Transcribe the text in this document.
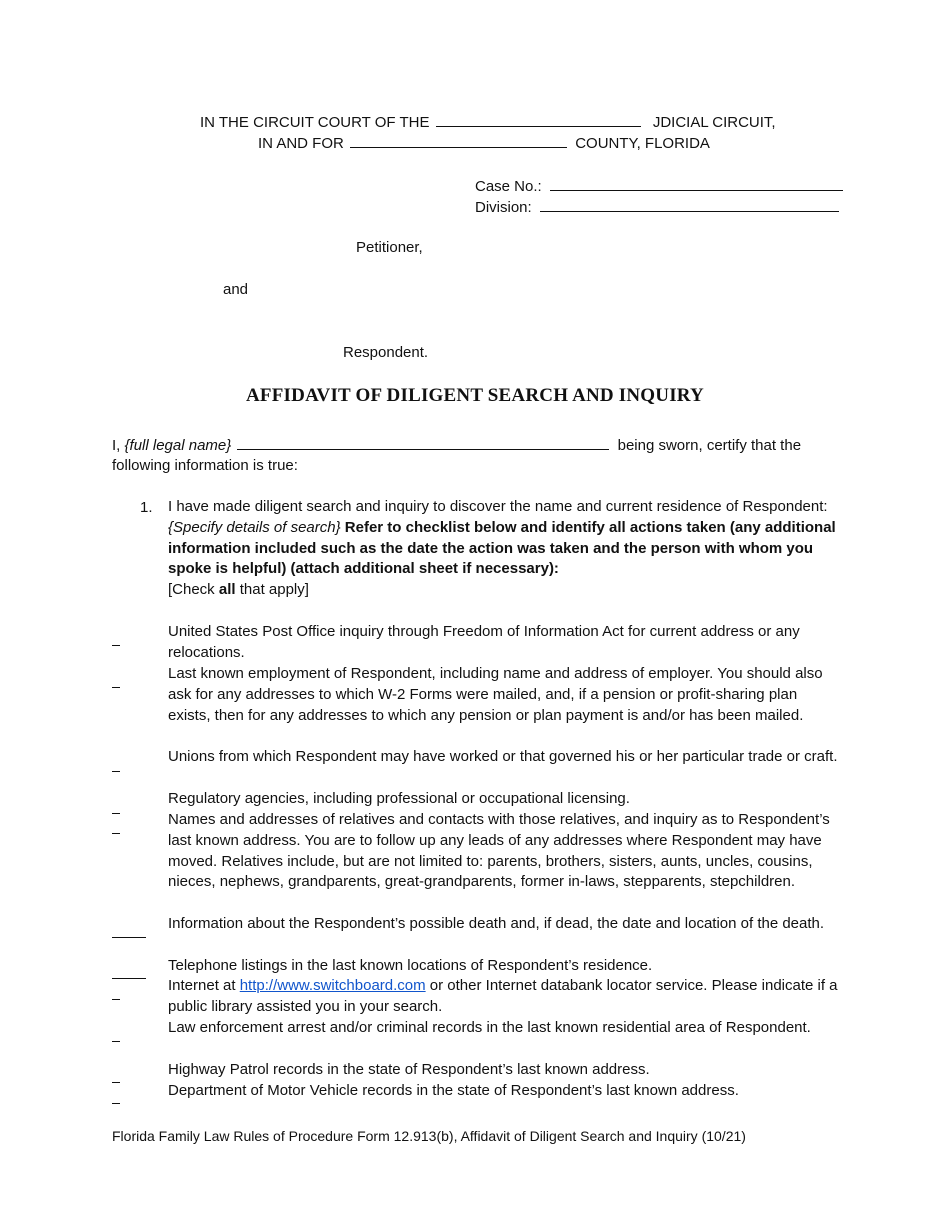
IN THE CIRCUIT COURT OF THE	JDICIAL CIRCUIT,
IN AND FOR	COUNTY, FLORIDA
Case No.:
Division:
Petitioner,
and
Respondent.
AFFIDAVIT OF DILIGENT SEARCH AND INQUIRY
I, {full legal name}	being sworn, certify that the
following information is true:
1. I have made diligent search and inquiry to discover the name and current residence of Respondent: {Specify details of search} Refer to checklist below and identify all actions taken (any additional information included such as the date the action was taken and the person with whom you spoke is helpful) (attach additional sheet if necessary):
[Check all that apply]

United States Post Office inquiry through Freedom of Information Act for current address or any relocations.

Last known employment of Respondent, including name and address of employer. You should also ask for any addresses to which W-2 Forms were mailed, and, if a pension or profit-sharing plan exists, then for any addresses to which any pension or plan payment is and/or has been mailed.

Unions from which Respondent may have worked or that governed his or her particular trade or craft.

Regulatory agencies, including professional or occupational licensing.

Names and addresses of relatives and contacts with those relatives, and inquiry as to Respondent’s last known address. You are to follow up any leads of any addresses where Respondent may have moved. Relatives include, but are not limited to: parents, brothers, sisters, aunts, uncles, cousins, nieces, nephews, grandparents, great-grandparents, former in-laws, stepparents, stepchildren.

Information about the Respondent’s possible death and, if dead, the date and location of the death.

Telephone listings in the last known locations of Respondent’s residence.

Internet at http://www.switchboard.com or other Internet databank locator service. Please indicate if a public library assisted you in your search.

Law enforcement arrest and/or criminal records in the last known residential area of Respondent.

Highway Patrol records in the state of Respondent’s last known address.

Department of Motor Vehicle records in the state of Respondent’s last known address.
Florida Family Law Rules of Procedure Form 12.913(b), Affidavit of Diligent Search and Inquiry (10/21)
